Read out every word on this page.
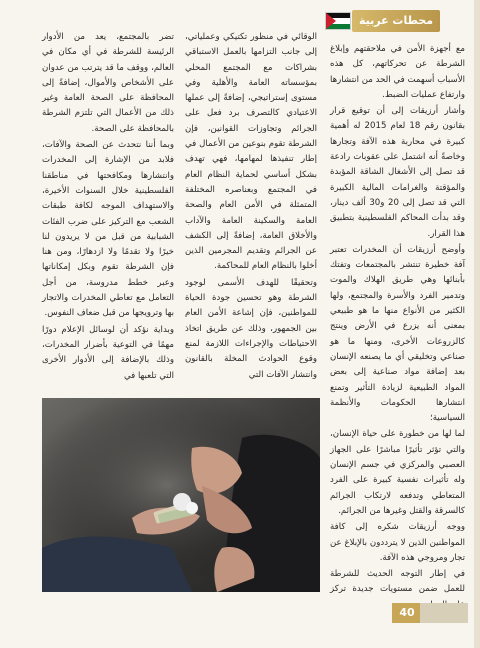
محطات عربية

مع أجهزة الأمن في ملاحقتهم وإبلاغ الشرطة عن تحركاتهم، كل هذه الأسباب أسهمت في الحد من انتشارها وارتفاع عمليات الضبط.

وأشار أرزيقات إلى أن توقيع قرار بقانون رقم 18 لعام 2015 له أهمية كبيرة في محاربة هذه الآفة وتجارها وخاصةً أنه اشتمل على عقوبات رادعة قد تصل إلى الأشغال الشاقة المؤبدة والمؤقتة والغرامات المالية الكبيرة التي قد تصل إلى 20 و30 ألف دينار، وقد بدأت المحاكم الفلسطينية بتطبيق هذا القرار.

وأوضح أرزيقات أن المخدرات تعتبر آفة خطيرة تنتشر بالمجتمعات وتفتك بأبنائها وهي طريق الهلاك والموت وتدمير الفرد والأسرة والمجتمع، ولها الكثير من الأنواع منها ما هو طبيعي بمعنى أنه يزرع في الأرض وينتج كالزروعات الأخرى، ومنها ما هو صناعي وتخليقي أي ما يصنعه الإنسان بعد إضافة مواد صناعية إلى بعض المواد الطبيعية لزيادة التأثير وتمنع انتشارها الحكومات والأنظمة السياسية؛

لما لها من خطورة على حياة الإنسان، والتي تؤثر تأثيرًا مباشرًا على الجهاز العصبي والمركزي في جسم الإنسان وله تأثيرات نفسية كبيرة على الفرد المتعاطي وتدفعه لارتكاب الجرائم كالسرقة والقتل وغيرها من الجرائم.

ووجه أرزيقات شكره إلى كافة المواطنين الذين لا يترددون بالإبلاغ عن تجار ومروجي هذه الآفة.

في إطار التوجه الحديث للشرطة للعمل ضمن مستويات جديدة تركز

الوقائي في منظور تكتيكي وعملياتي، إلى جانب التزامها بالعمل الاستباقي بشراكات مع المجتمع المحلي بمؤسساته العامة والأهلية وفي مستوى إستراتيجي، إضافةً إلى عملها الاعتيادي كالتصرف برد فعل على الجرائم وتجاوزات القوانين، فإن الشرطة تقوم بنوعين من الأعمال في إطار تنفيذها لمهامها، فهي تهدف بشكل أساسي لحماية النظام العام في المجتمع وبعناصره المختلفة المتمثلة في الأمن العام والصحة العامة والسكينة العامة والآداب والأخلاق العامة، إضافةً إلى الكشف عن الجرائم وتقديم المجرمين الذين أخلوا بالنظام العام للمحاكمة.

وتحقيقًا للهدف الأسمى لوجود الشرطة وهو تحسين جودة الحياة للمواطنين، فإن إشاعة الأمن العام بين الجمهور، وذلك عن طريق اتخاذ الاحتياطات والإجراءات اللازمة لمنع وقوع الحوادث المخلة بالقانون وانتشار الآفات التي

تضر بالمجتمع، يعد من الأدوار الرئيسة للشرطة في أي مكان في العالم، ووقف ما قد يترتب من عدوان على الأشخاص والأموال، إضافةً إلى المحافظة على الصحة العامة وغير ذلك من الأعمال التي تلتزم الشرطة بالمحافظة على الصحة.

وبما أننا نتحدث عن الصحة والآفات، فلابد من الإشارة إلى المخدرات وانتشارها ومكافحتها في مناطقنا الفلسطينية خلال السنوات الأخيرة، والاستهداف الموجه لكافة طبقات الشعب مع التركيز على ضرب الفئات الشبابية من قبل من لا يريدون لنا خيرًا ولا تقدمًا ولا ازدهارًا، ومن هنا فإن الشرطة تقوم وبكل إمكاناتها وعبر خطط مدروسة، من أجل التعامل مع تعاطي المخدرات والاتجار بها وترويجها من قبل ضعاف النفوس.

وبداية نؤكد أن لوسائل الإعلام دورًا مهمًا في التوعية بأضرار المخدرات، وذلك بالإضافة إلى الأدوار الأخرى التي تلعبها في

40
